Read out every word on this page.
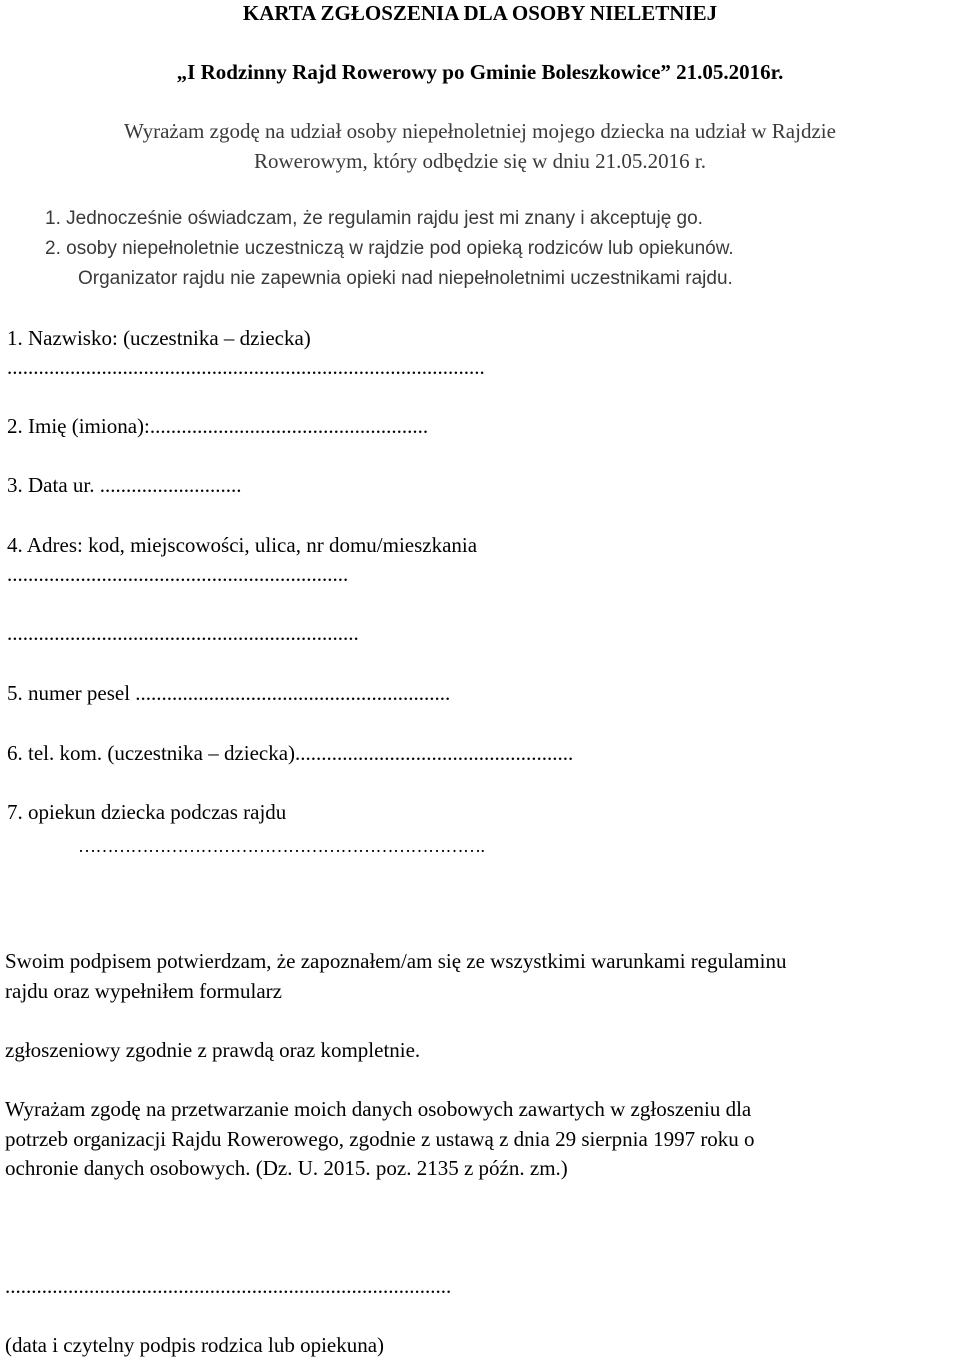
KARTA ZGŁOSZENIA DLA OSOBY NIELETNIEJ
„I Rodzinny Rajd Rowerowy po Gminie Boleszkowice” 21.05.2016r.
Wyrażam zgodę na udział osoby niepełnoletniej mojego dziecka na udział w Rajdzie
Rowerowym, który odbędzie się w dniu 21.05.2016 r.
1. Jednocześnie oświadczam, że regulamin rajdu jest mi znany i akceptuję go.
2. osoby niepełnoletnie uczestniczą w rajdzie pod opieką rodziców lub opiekunów.
Organizator rajdu nie zapewnia opieki nad niepełnoletnimi uczestnikami rajdu.
1. Nazwisko: (uczestnika – dziecka)
...........................................................................................
2. Imię (imiona):.....................................................
3. Data ur. ...........................
4. Adres: kod, miejscowości, ulica, nr domu/mieszkania
.................................................................
...................................................................
5. numer pesel ............................................................
6. tel. kom. (uczestnika – dziecka).....................................................
7. opiekun dziecka podczas rajdu
…………………………………………………………….
Swoim podpisem potwierdzam, że zapoznałem/am się ze wszystkimi warunkami regulaminu
rajdu oraz wypełniłem formularz
zgłoszeniowy zgodnie z prawdą oraz kompletnie.
Wyrażam zgodę na przetwarzanie moich danych osobowych zawartych w zgłoszeniu dla
potrzeb organizacji Rajdu Rowerowego, zgodnie z ustawą z dnia 29 sierpnia 1997 roku o
ochronie danych osobowych. (Dz. U. 2015. poz. 2135 z późn. zm.)
.....................................................................................
(data i czytelny podpis rodzica lub opiekuna)
